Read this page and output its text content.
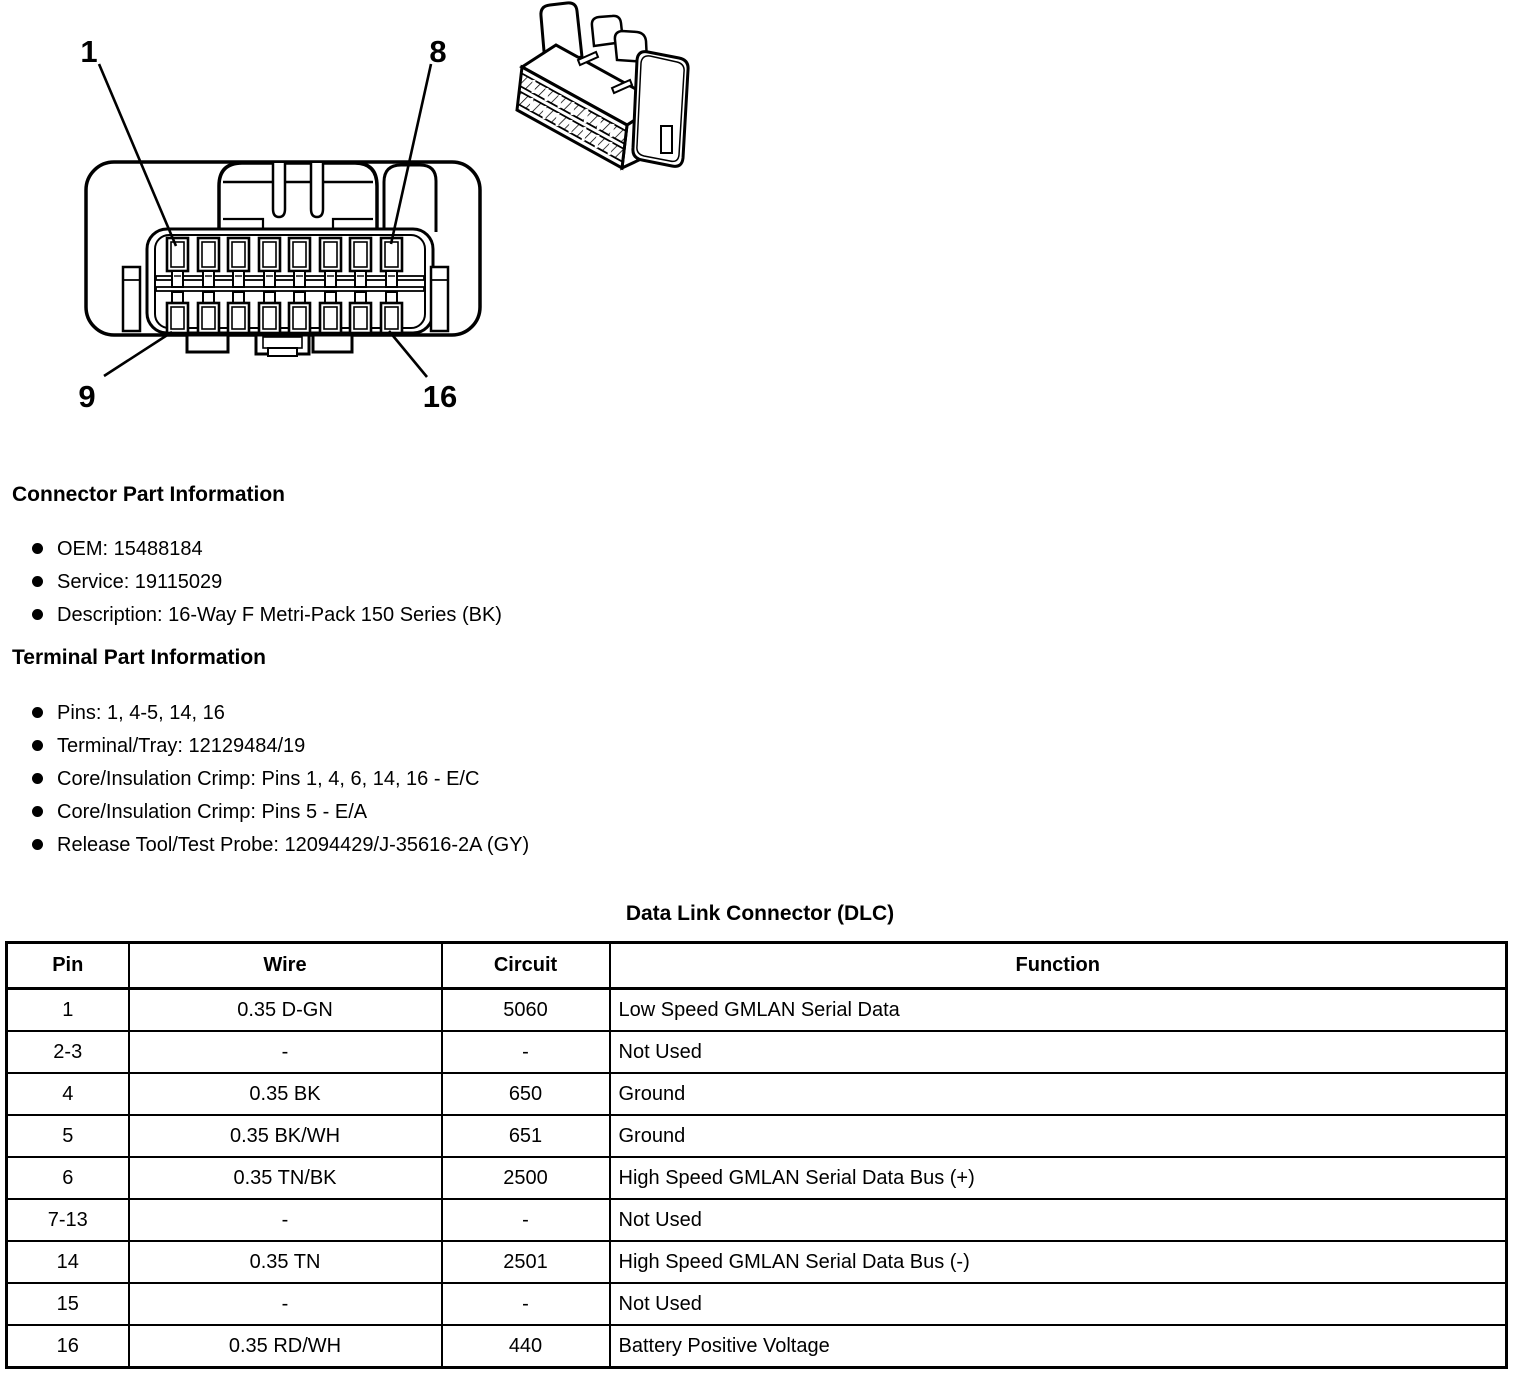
1	8
9	16
Connector Part Information
OEM: 15488184
Service: 19115029
Description: 16-Way F Metri-Pack 150 Series (BK)
Terminal Part Information
Pins: 1, 4-5, 14, 16
Terminal/Tray: 12129484/19
Core/Insulation Crimp: Pins 1, 4, 6, 14, 16 - E/C
Core/Insulation Crimp: Pins 5 - E/A
Release Tool/Test Probe: 12094429/J-35616-2A (GY)
Data Link Connector (DLC)
Pin	Wire	Circuit	Function
1	0.35 D-GN	5060	Low Speed GMLAN Serial Data
2-3	-	-	Not Used
4	0.35 BK	650	Ground
5	0.35 BK/WH	651	Ground
6	0.35 TN/BK	2500	High Speed GMLAN Serial Data Bus (+)
7-13	-	-	Not Used
14	0.35 TN	2501	High Speed GMLAN Serial Data Bus (-)
15	-	-	Not Used
16	0.35 RD/WH	440	Battery Positive Voltage
